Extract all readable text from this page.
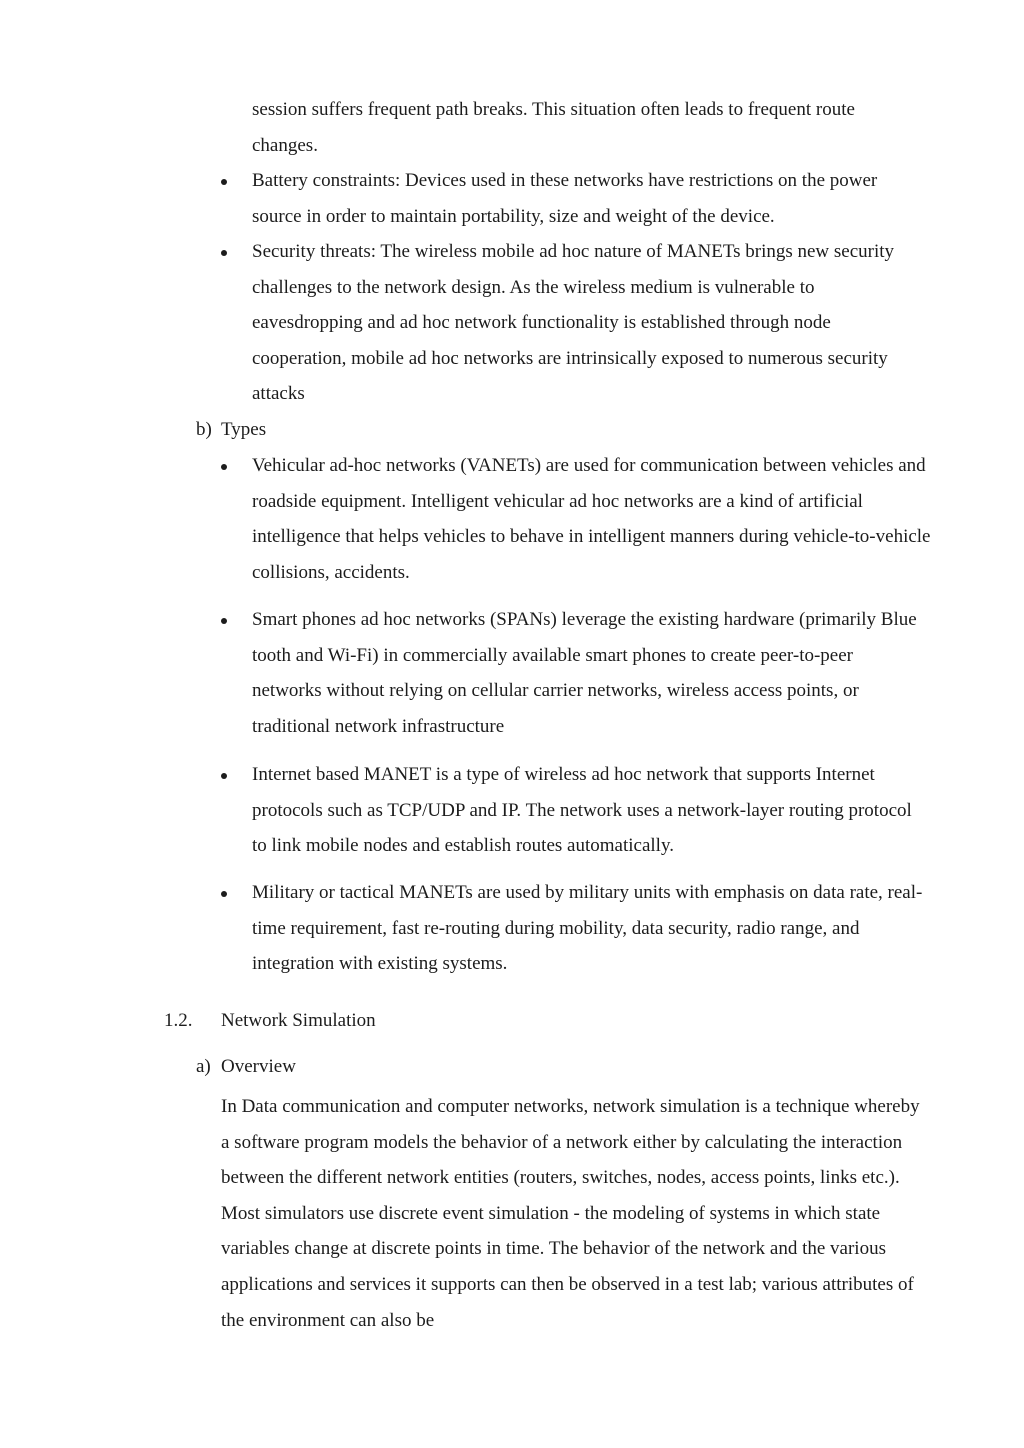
session suffers frequent path breaks. This situation often leads to frequent route changes.

Battery constraints: Devices used in these networks have restrictions on the power source in order to maintain portability, size and weight of the device.

Security threats: The wireless mobile ad hoc nature of MANETs brings new security challenges to the network design. As the wireless medium is vulnerable to eavesdropping and ad hoc network functionality is established through node cooperation, mobile ad hoc networks are intrinsically exposed to numerous security attacks

b) Types

Vehicular ad-hoc networks (VANETs) are used for communication between vehicles and roadside equipment. Intelligent vehicular ad hoc networks are a kind of artificial intelligence that helps vehicles to behave in intelligent manners during vehicle-to-vehicle collisions, accidents.

Smart phones ad hoc networks (SPANs) leverage the existing hardware (primarily Blue tooth and Wi-Fi) in commercially available smart phones to create peer-to-peer networks without relying on cellular carrier networks, wireless access points, or traditional network infrastructure

Internet based MANET is a type of wireless ad hoc network that supports Internet protocols such as TCP/UDP and IP. The network uses a network-layer routing protocol to link mobile nodes and establish routes automatically.

Military or tactical MANETs are used by military units with emphasis on data rate, real-time requirement, fast re-routing during mobility, data security, radio range, and integration with existing systems.

1.2. Network Simulation
a) Overview

In Data communication and computer networks, network simulation is a technique whereby a software program models the behavior of a network either by calculating the interaction between the different network entities (routers, switches, nodes, access points, links etc.). Most simulators use discrete event simulation - the modeling of systems in which state variables change at discrete points in time. The behavior of the network and the various applications and services it supports can then be observed in a test lab; various attributes of the environment can also be
